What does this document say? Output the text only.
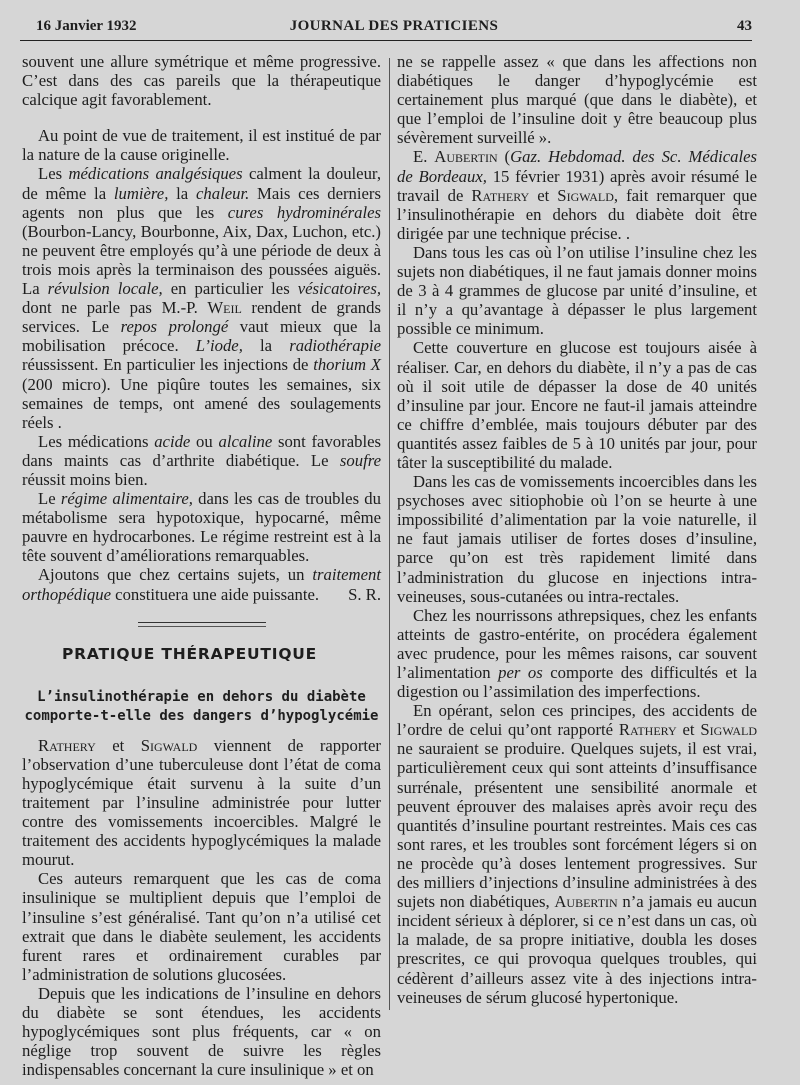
16 Janvier 1932	JOURNAL DES PRATICIENS	43

souvent une allure symétrique et même progressive. C’est dans des cas pareils que la thérapeutique calcique agit favorablement.

Au point de vue de traitement, il est institué de par la nature de la cause originelle.

Les médications analgésiques calment la douleur, de même la lumière, la chaleur. Mais ces derniers agents non plus que les cures hydrominérales (Bourbon-Lancy, Bourbonne, Aix, Dax, Luchon, etc.) ne peuvent être employés qu’à une période de deux à trois mois après la terminaison des poussées aiguës. La révulsion locale, en particulier les vésicatoires, dont ne parle pas M.-P. Weil rendent de grands services. Le repos prolongé vaut mieux que la mobilisation précoce. L’iode, la radiothérapie réussissent. En particulier les injections de thorium X (200 micro). Une piqûre toutes les semaines, six semaines de temps, ont amené des soulagements réels .

Les médications acide ou alcaline sont favorables dans maints cas d’arthrite diabétique. Le soufre réussit moins bien.

Le régime alimentaire, dans les cas de troubles du métabolisme sera hypotoxique, hypocarné, même pauvre en hydrocarbones. Le régime restreint est à la tête souvent d’améliorations remarquables.

Ajoutons que chez certains sujets, un traitement orthopédique constituera une aide puissante.	S. R.

PRATIQUE THÉRAPEUTIQUE
L’insulinothérapie en dehors du diabète comporte-t-elle des dangers d’hypoglycémie

Rathery et Sigwald viennent de rapporter l’observation d’une tuberculeuse dont l’état de coma hypoglycémique était survenu à la suite d’un traitement par l’insuline administrée pour lutter contre des vomissements incoercibles. Malgré le traitement des accidents hypoglycémiques la malade mourut.

Ces auteurs remarquent que les cas de coma insulinique se multiplient depuis que l’emploi de l’insuline s’est généralisé. Tant qu’on n’a utilisé cet extrait que dans le diabète seulement, les accidents furent rares et ordinairement curables par l’administration de solutions glucosées.

Depuis que les indications de l’insuline en dehors du diabète se sont étendues, les accidents hypoglycémiques sont plus fréquents, car « on néglige trop souvent de suivre les règles indispensables concernant la cure insulinique » et on

ne se rappelle assez « que dans les affections non diabétiques le danger d’hypoglycémie est certainement plus marqué (que dans le diabète), et que l’emploi de l’insuline doit y être beaucoup plus sévèrement surveillé ».

E. Aubertin (Gaz. Hebdomad. des Sc. Médicales de Bordeaux, 15 février 1931) après avoir résumé le travail de Rathery et Sigwald, fait remarquer que l’insulinothérapie en dehors du diabète doit être dirigée par une technique précise. .

Dans tous les cas où l’on utilise l’insuline chez les sujets non diabétiques, il ne faut jamais donner moins de 3 à 4 grammes de glucose par unité d’insuline, et il n’y a qu’avantage à dépasser le plus largement possible ce minimum.

Cette couverture en glucose est toujours aisée à réaliser. Car, en dehors du diabète, il n’y a pas de cas où il soit utile de dépasser la dose de 40 unités d’insuline par jour. Encore ne faut-il jamais atteindre ce chiffre d’emblée, mais toujours débuter par des quantités assez faibles de 5 à 10 unités par jour, pour tâter la susceptibilité du malade.

Dans les cas de vomissements incoercibles dans les psychoses avec sitiophobie où l’on se heurte à une impossibilité d’alimentation par la voie naturelle, il ne faut jamais utiliser de fortes doses d’insuline, parce qu’on est très rapidement limité dans l’administration du glucose en injections intra-veineuses, sous-cutanées ou intra-rectales.

Chez les nourrissons athrepsiques, chez les enfants atteints de gastro-entérite, on procédera également avec prudence, pour les mêmes raisons, car souvent l’alimentation per os comporte des difficultés et la digestion ou l’assimilation des imperfections.

En opérant, selon ces principes, des accidents de l’ordre de celui qu’ont rapporté Rathery et Sigwald ne sauraient se produire. Quelques sujets, il est vrai, particulièrement ceux qui sont atteints d’insuffisance surrénale, présentent une sensibilité anormale et peuvent éprouver des malaises après avoir reçu des quantités d’insuline pourtant restreintes. Mais ces cas sont rares, et les troubles sont forcément légers si on ne procède qu’à doses lentement progressives. Sur des milliers d’injections d’insuline administrées à des sujets non diabétiques, Aubertin n’a jamais eu aucun incident sérieux à déplorer, si ce n’est dans un cas, où la malade, de sa propre initiative, doubla les doses prescrites, ce qui provoqua quelques troubles, qui cédèrent d’ailleurs assez vite à des injections intra-veineuses de sérum glucosé hypertonique.
